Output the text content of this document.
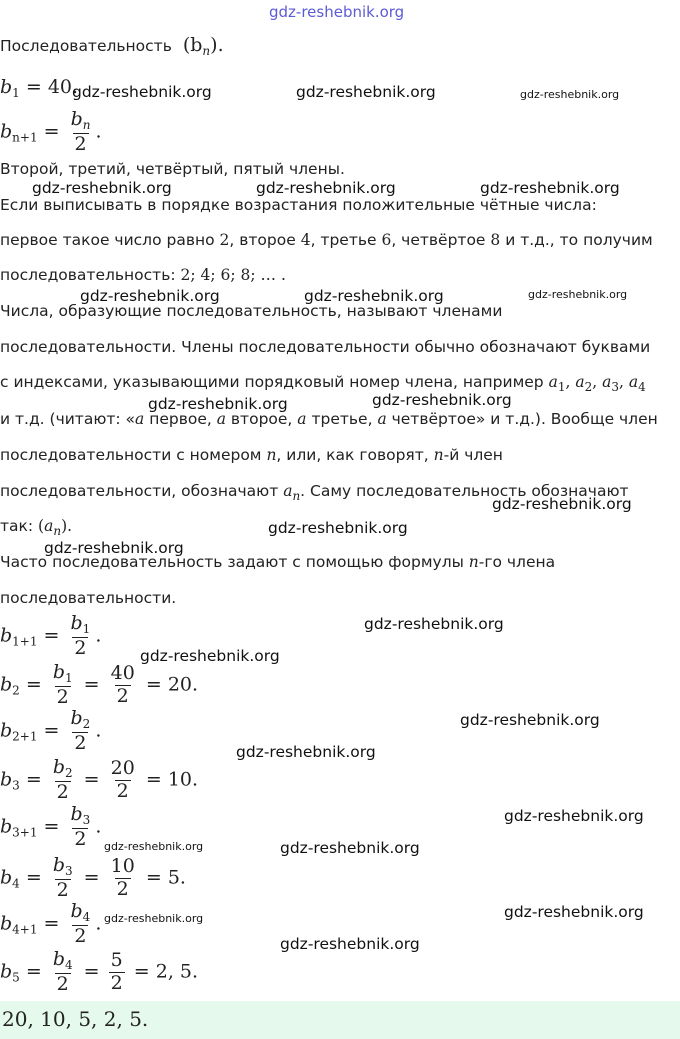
gdz-reshebnik.org
Последовательность $(b_n)$.
$b_1 = 40$.
$b_{n+1} = \frac{b_n}{2}$ .
Второй, третий, четвёртый, пятый члены.
Если выписывать в порядке возрастания положительные чётные числа:
первое такое число равно 2, второе 4, третье 6, четвёртое 8 и т.д., то получим
последовательность: 2; 4; 6; 8; … .
Числа, образующие последовательность, называют членами
последовательности. Члены последовательности обычно обозначают буквами
с индексами, указывающими порядковый номер члена, например $a_1$, $a_2$, $a_3$, $a_4$
и т.д. (читают: «a первое, a второе, a третье, a четвёртое» и т.д.). Вообще член
последовательности с номером n, или, как говорят, n-й член
последовательности, обозначают $a_n$. Саму последовательность обозначают
так: $(a_n)$.
Часто последовательность задают с помощью формулы n-го члена
последовательности.
$b_{1+1} = \frac{b_1}{2}$ .
$b_2 = \frac{b_1}{2} = \frac{40}{2} = 20$.
$b_{2+1} = \frac{b_2}{2}$ .
$b_3 = \frac{b_2}{2} = \frac{20}{2} = 10$.
$b_{3+1} = \frac{b_3}{2}$ .
$b_4 = \frac{b_3}{2} = \frac{10}{2} = 5$.
$b_{4+1} = \frac{b_4}{2}$ .
$b_5 = \frac{b_4}{2} = \frac{5}{2} = 2$, 5.
20, 10, 5, 2, 5.
gdz-reshebnik.org	gdz-reshebnik.org	gdz-reshebnik.org
gdz-reshebnik.org	gdz-reshebnik.org	gdz-reshebnik.org
gdz-reshebnik.org	gdz-reshebnik.org	gdz-reshebnik.org
gdz-reshebnik.org	gdz-reshebnik.org
gdz-reshebnik.org
gdz-reshebnik.org
gdz-reshebnik.org
gdz-reshebnik.org
gdz-reshebnik.org
gdz-reshebnik.org
gdz-reshebnik.org
gdz-reshebnik.org
gdz-reshebnik.org	gdz-reshebnik.org
gdz-reshebnik.org
gdz-reshebnik.org
gdz-reshebnik.org
